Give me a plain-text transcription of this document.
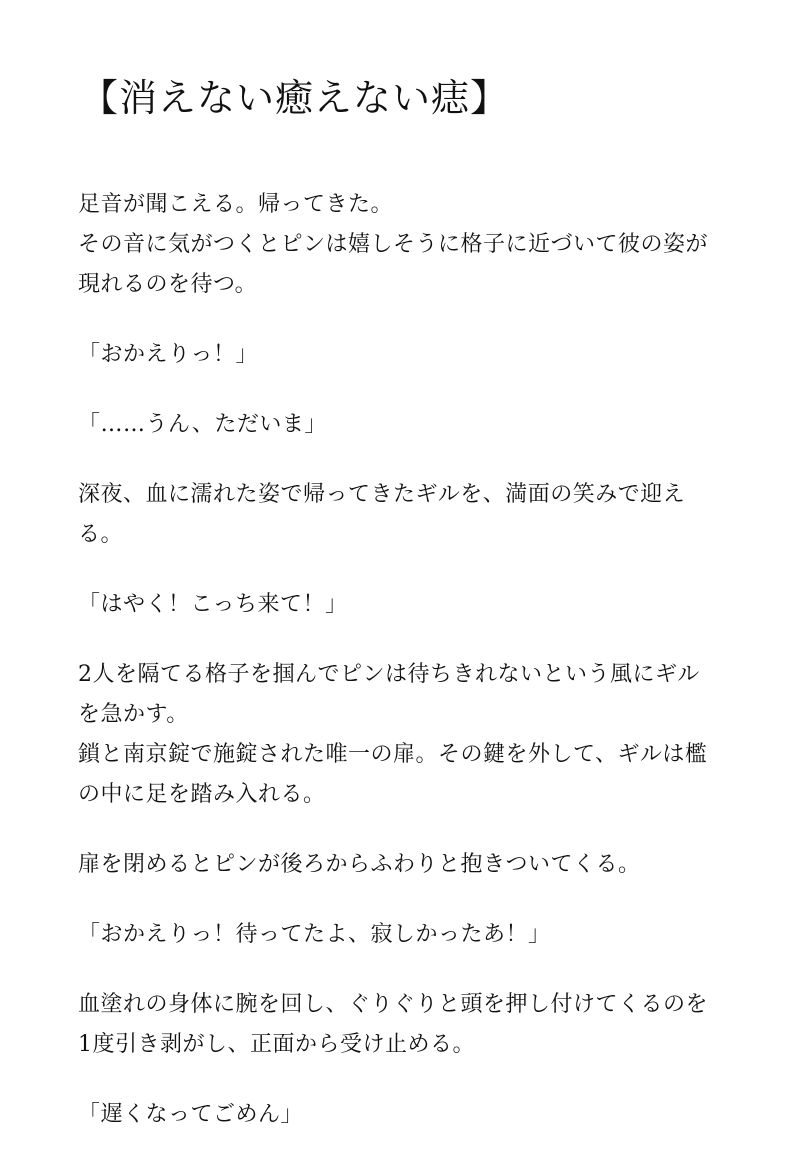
【消えない癒えない痣】

足音が聞こえる。帰ってきた。
その音に気がつくとピンは嬉しそうに格子に近づいて彼の姿が
現れるのを待つ。

「おかえりっ！」

「……うん、ただいま」

深夜、血に濡れた姿で帰ってきたギルを、満面の笑みで迎え
る。

「はやく！こっち来て！」

2人を隔てる格子を掴んでピンは待ちきれないという風にギル
を急かす。
鎖と南京錠で施錠された唯一の扉。その鍵を外して、ギルは檻
の中に足を踏み入れる。

扉を閉めるとピンが後ろからふわりと抱きついてくる。

「おかえりっ！待ってたよ、寂しかったあ！」

血塗れの身体に腕を回し、ぐりぐりと頭を押し付けてくるのを
1度引き剥がし、正面から受け止める。

「遅くなってごめん」
